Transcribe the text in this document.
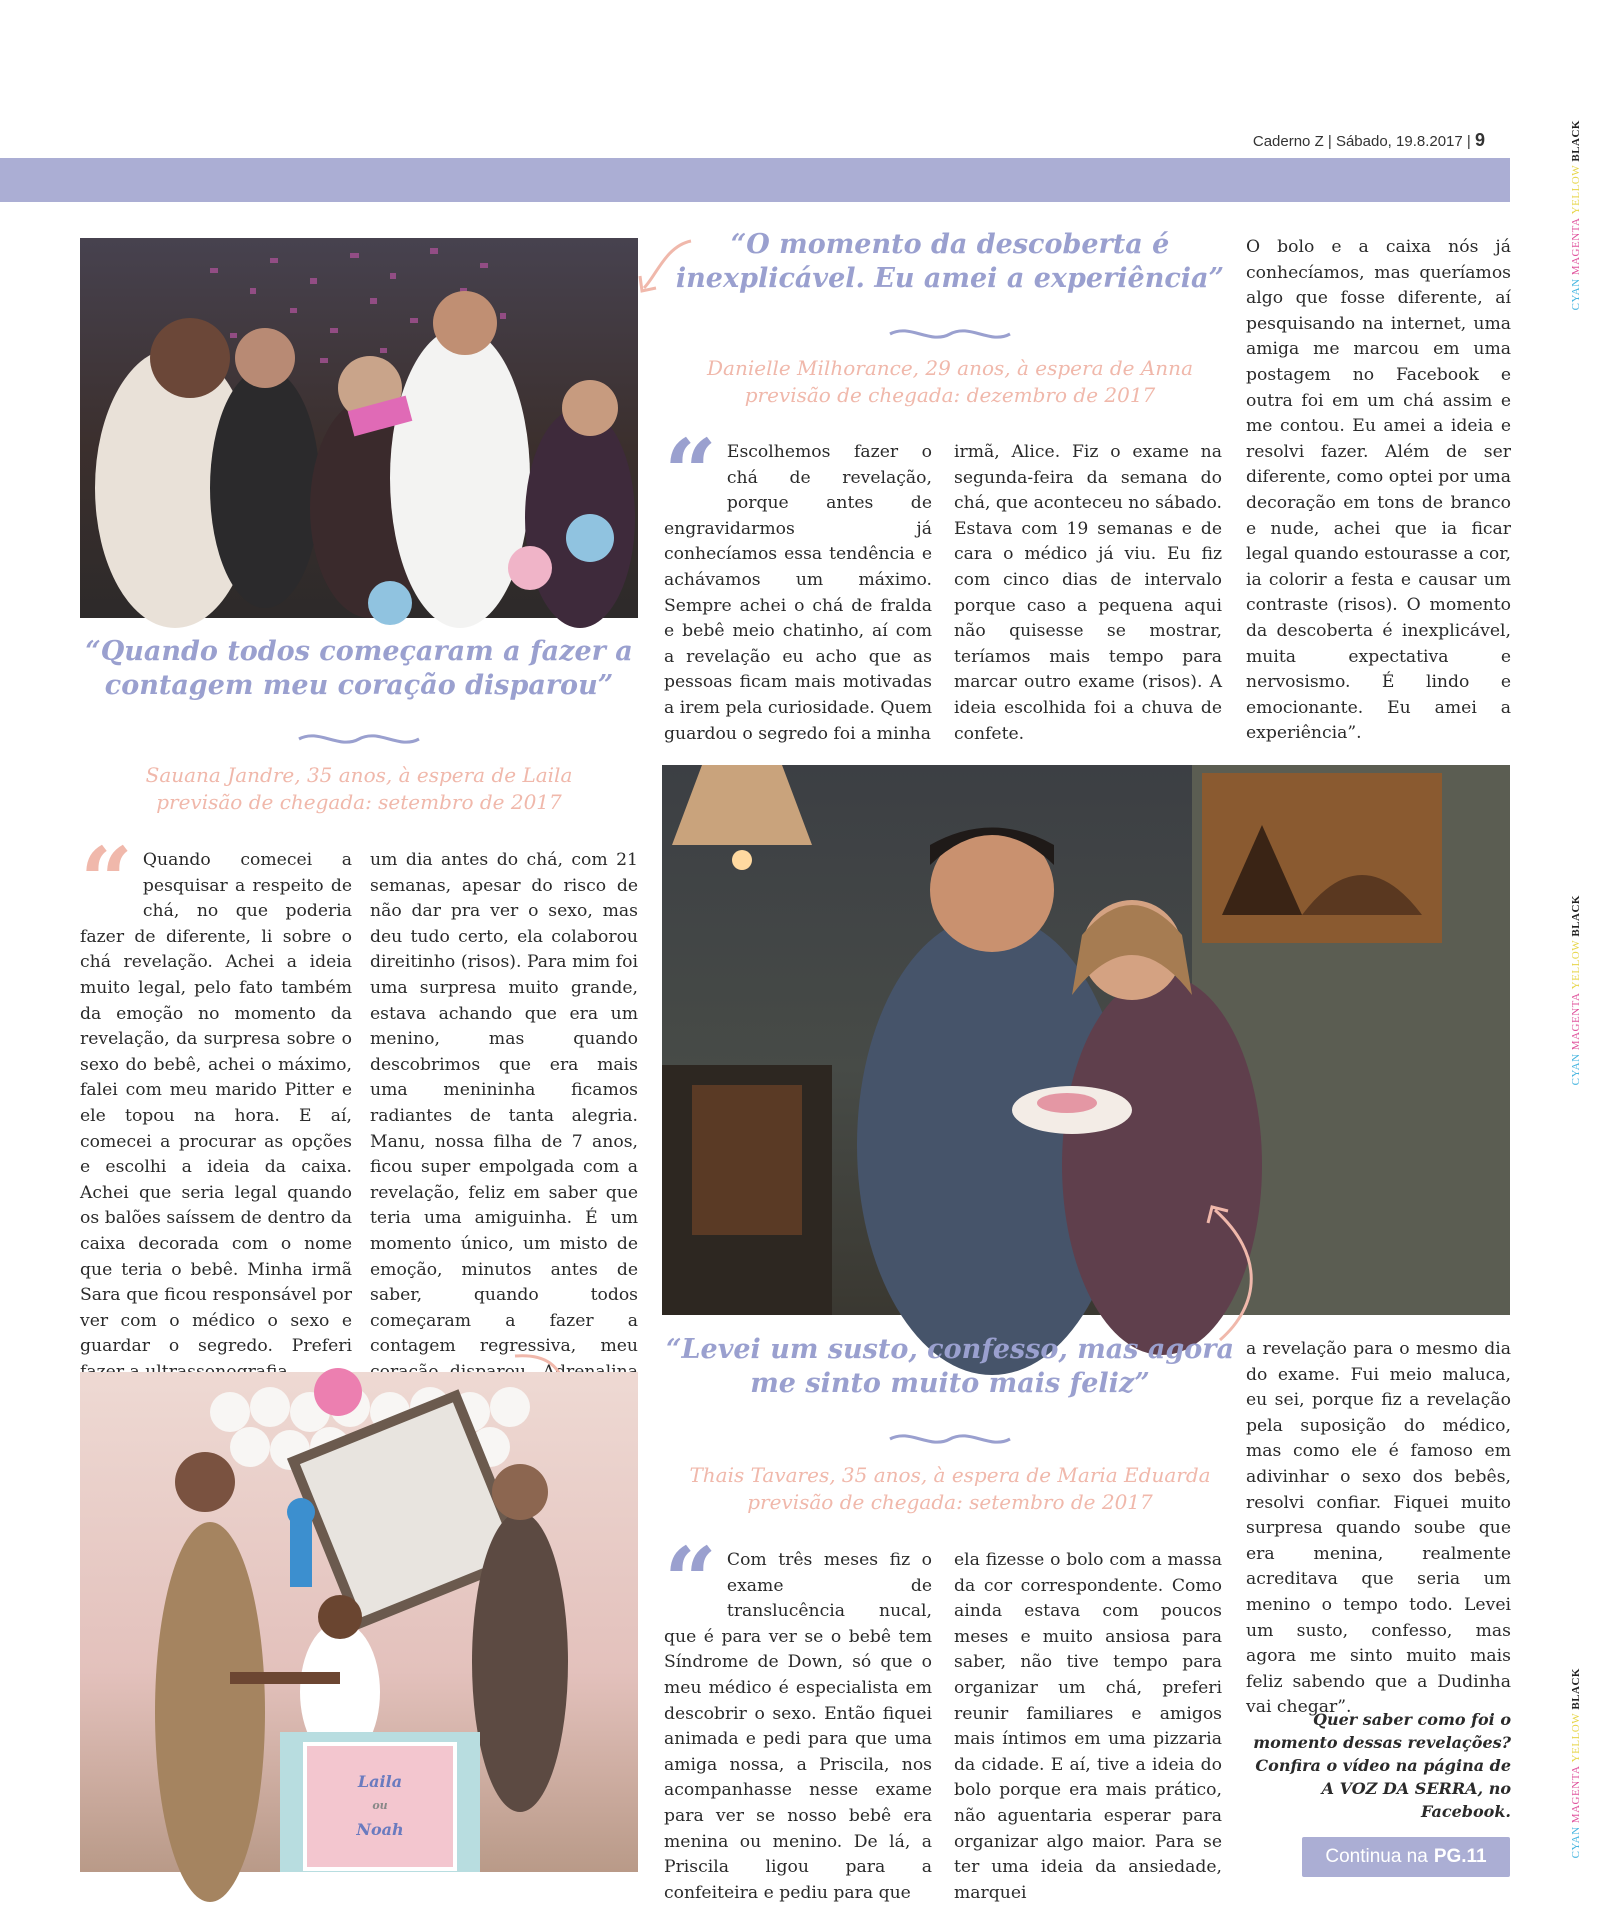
Caderno Z | Sábado, 19.8.2017 | 9
CYAN MAGENTA YELLOW BLACK
CYAN MAGENTA YELLOW BLACK
CYAN MAGENTA YELLOW BLACK
“O momento da descoberta é inexplicável. Eu amei a experiência”
Danielle Milhorance, 29 anos, à espera de Anna
previsão de chegada: dezembro de 2017
“ Escolhemos fazer o chá de revelação, porque antes de engravidarmos já conhecíamos essa tendência e achávamos um máximo. Sempre achei o chá de fralda e bebê meio chatinho, aí com a revelação eu acho que as pessoas ficam mais motivadas a irem pela curiosidade. Quem guardou o segredo foi a minha
irmã, Alice. Fiz o exame na segunda-feira da semana do chá, que aconteceu no sábado. Estava com 19 semanas e de cara o médico já viu. Eu fiz com cinco dias de intervalo porque caso a pequena aqui não quisesse se mostrar, teríamos mais tempo para marcar outro exame (risos). A ideia escolhida foi a chuva de confete.
O bolo e a caixa nós já conhecíamos, mas queríamos algo que fosse diferente, aí pesquisando na internet, uma amiga me marcou em uma postagem no Facebook e outra foi em um chá assim e me contou. Eu amei a ideia e resolvi fazer. Além de ser diferente, como optei por uma decoração em tons de branco e nude, achei que ia ficar legal quando estourasse a cor, ia colorir a festa e causar um contraste (risos). O momento da descoberta é inexplicável, muita expectativa e nervosismo. É lindo e emocionante. Eu amei a experiência”.
“Quando todos começaram a fazer a contagem meu coração disparou”
Sauana Jandre, 35 anos, à espera de Laila
previsão de chegada: setembro de 2017
“ Quando comecei a pesquisar a respeito de chá, no que poderia fazer de diferente, li sobre o chá revelação. Achei a ideia muito legal, pelo fato também da emoção no momento da revelação, da surpresa sobre o sexo do bebê, achei o máximo, falei com meu marido Pitter e ele topou na hora. E aí, comecei a procurar as opções e escolhi a ideia da caixa. Achei que seria legal quando os balões saíssem de dentro da caixa decorada com o nome que teria o bebê. Minha irmã Sara que ficou responsável por ver com o médico o sexo e guardar o segredo. Preferi
um dia antes do chá, com 21 semanas, apesar do risco de não dar pra ver o sexo, mas deu tudo certo, ela colaborou direitinho (risos). Para mim foi uma surpresa muito grande, estava achando que era um menino, mas quando descobrimos que era mais uma menininha ficamos radiantes de tanta alegria. Manu, nossa filha de 7 anos, ficou super empolgada com a revelação, feliz em saber que teria uma amiguinha. É um momento único, um misto de emoção, minutos antes de saber, quando todos começaram a fazer a contagem regressiva, meu “Levei um susto, confesso, mas agora me sinto muito mais feliz”
Thais Tavares, 35 anos, à espera de Maria Eduarda
previsão de chegada: setembro de 2017
“ Com três meses fiz o exame de translucência nucal, que é para ver se o bebê tem Síndrome de Down, só que o meu médico é especialista em descobrir o sexo. Então fiquei animada e pedi para que uma amiga nossa, a Priscila, nos acompanhasse nesse exame para ver se nosso bebê era menina ou menino. De lá, a Priscila ligou para a confeiteira e pediu para que
ela fizesse o bolo com a massa da cor correspondente. Como ainda estava com poucos meses e muito ansiosa para saber, não tive tempo para organizar um chá, preferi reunir familiares e amigos mais íntimos em uma pizzaria da cidade. E aí, tive a ideia do bolo porque era mais prático, não aguentaria esperar para organizar algo maior. Para se ter uma ideia da ansiedade, marquei
a revelação para o mesmo dia do exame. Fui meio maluca, eu sei, porque fiz a revelação pela suposição do médico, mas como ele é famoso em adivinhar o sexo dos bebês, resolvi confiar. Fiquei muito surpresa quando soube que era menina, realmente acreditava que seria um menino o tempo todo. Levei um susto, confesso, mas agora me sinto muito mais feliz sabendo que a Dudinha vai chegar”.
Laila
ou
Noah
Quer saber como foi o momento dessas revelações? Confira o vídeo na página de A VOZ DA SERRA, no Facebook.
Continua na PG.11
